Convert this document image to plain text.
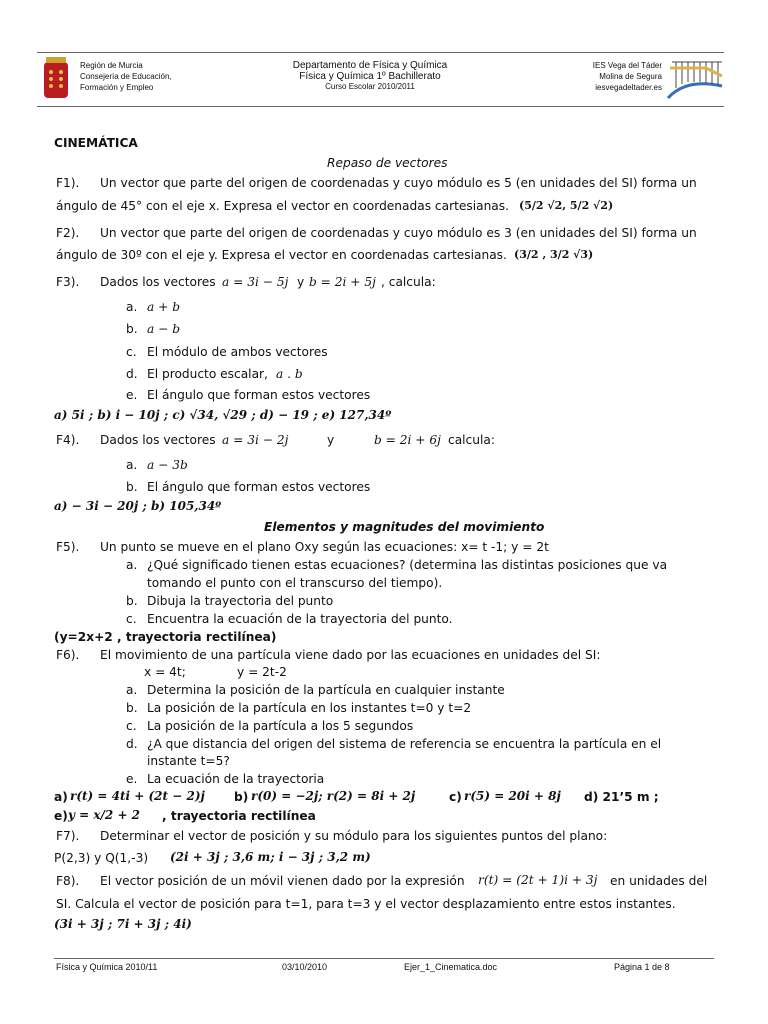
Región de Murcia
Consejería de Educación,
Formación y Empleo
Departamento de Física y Química
Física y Química 1º Bachillerato
Curso Escolar 2010/2011
IES Vega del Táder
Molina de Segura
iesvegadeltader.es
CINEMÁTICA
Repaso de vectores
F1). Un vector que parte del origen de coordenadas y cuyo módulo es 5 (en unidades del SI) forma un
ángulo de 45° con el eje x. Expresa el vector en coordenadas cartesianas. (5/2 √2, 5/2 √2)
F2). Un vector que parte del origen de coordenadas y cuyo módulo es 3 (en unidades del SI) forma un
ángulo de 30º con el eje y. Expresa el vector en coordenadas cartesianas. (3/2 , 3/2 √3)
F3). Dados los vectores a = 3i − 5j y b = 2i + 5j , calcula:
a. a + b
b. a − b
c. El módulo de ambos vectores
d. El producto escalar, a . b
e. El ángulo que forman estos vectores
a) 5i ; b) i − 10j ; c) √34, √29 ; d) − 19 ; e) 127,34º
F4). Dados los vectores a = 3i − 2j	y	b = 2i + 6j calcula:
a. a − 3b
b. El ángulo que forman estos vectores
a) − 3i − 20j ; b) 105,34º
Elementos y magnitudes del movimiento
F5). Un punto se mueve en el plano Oxy según las ecuaciones: x= t -1; y = 2t
a. ¿Qué significado tienen estas ecuaciones? (determina las distintas posiciones que va
tomando el punto con el transcurso del tiempo).
b. Dibuja la trayectoria del punto
c. Encuentra la ecuación de la trayectoria del punto.
(y=2x+2 , trayectoria rectilínea)
F6). El movimiento de una partícula viene dado por las ecuaciones en unidades del SI:
x = 4t;	y = 2t-2
a. Determina la posición de la partícula en cualquier instante
b. La posición de la partícula en los instantes t=0 y t=2
c. La posición de la partícula a los 5 segundos
d. ¿A que distancia del origen del sistema de referencia se encuentra la partícula en el
instante t=5?
e. La ecuación de la trayectoria
a) r(t) = 4ti + (2t − 2)j b) r(0) = −2j; r(2) = 8i + 2j	c) r(5) = 20i + 8j d) 21’5 m ;
e) y = x/2 + 2 , trayectoria rectilínea
F7). Determinar el vector de posición y su módulo para los siguientes puntos del plano:
P(2,3) y Q(1,-3) (2i + 3j ; 3,6 m; i − 3j ; 3,2 m)
F8). El vector posición de un móvil vienen dado por la expresión r(t) = (2t + 1)i + 3j en unidades del
SI. Calcula el vector de posición para t=1, para t=3 y el vector desplazamiento entre estos instantes.
(3i + 3j ; 7i + 3j ; 4i)
Física y Química 2010/11	03/10/2010	Ejer_1_Cinematica.doc	Página 1 de 8
